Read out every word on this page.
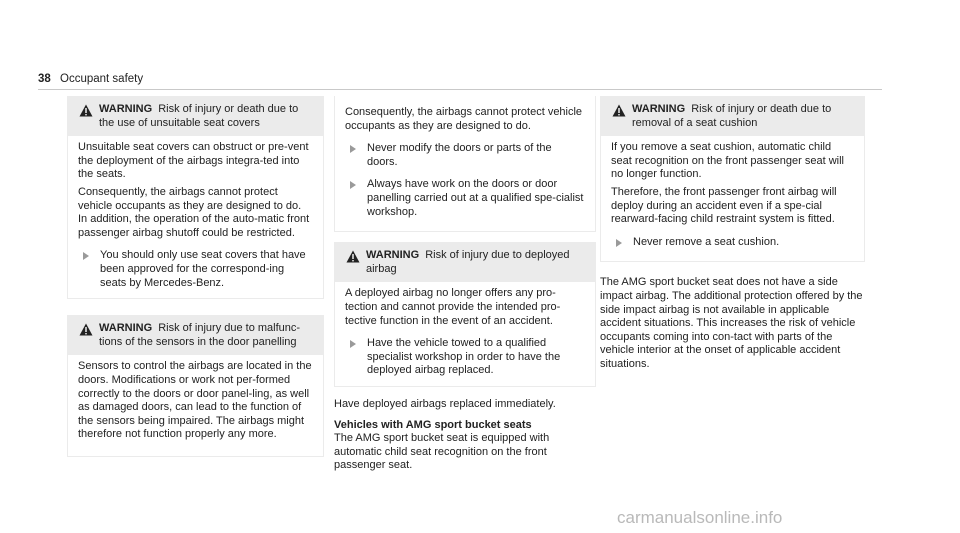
38 Occupant safety
WARNING Risk of injury or death due to the use of unsuitable seat covers
Unsuitable seat covers can obstruct or pre-vent the deployment of the airbags integra-ted into the seats.
Consequently, the airbags cannot protect vehicle occupants as they are designed to do. In addition, the operation of the auto-matic front passenger airbag shutoff could be restricted.
You should only use seat covers that have been approved for the correspond-ing seats by Mercedes-Benz.
WARNING Risk of injury due to malfunc-tions of the sensors in the door panelling
Sensors to control the airbags are located in the doors. Modifications or work not per-formed correctly to the doors or door panel-ling, as well as damaged doors, can lead to the function of the sensors being impaired. The airbags might therefore not function properly any more.
Consequently, the airbags cannot protect vehicle occupants as they are designed to do.
Never modify the doors or parts of the doors.
Always have work on the doors or door panelling carried out at a qualified spe-cialist workshop.
WARNING Risk of injury due to deployed airbag
A deployed airbag no longer offers any pro-tection and cannot provide the intended pro-tective function in the event of an accident.
Have the vehicle towed to a qualified specialist workshop in order to have the deployed airbag replaced.
Have deployed airbags replaced immediately.
Vehicles with AMG sport bucket seats
The AMG sport bucket seat is equipped with automatic child seat recognition on the front passenger seat.
WARNING Risk of injury or death due to removal of a seat cushion
If you remove a seat cushion, automatic child seat recognition on the front passenger seat will no longer function.
Therefore, the front passenger front airbag will deploy during an accident even if a spe-cial rearward-facing child restraint system is fitted.
Never remove a seat cushion.
The AMG sport bucket seat does not have a side impact airbag. The additional protection offered by the side impact airbag is not available in applicable accident situations. This increases the risk of vehicle occupants coming into con-tact with parts of the vehicle interior at the onset of applicable accident situations.
carmanualsonline.info
